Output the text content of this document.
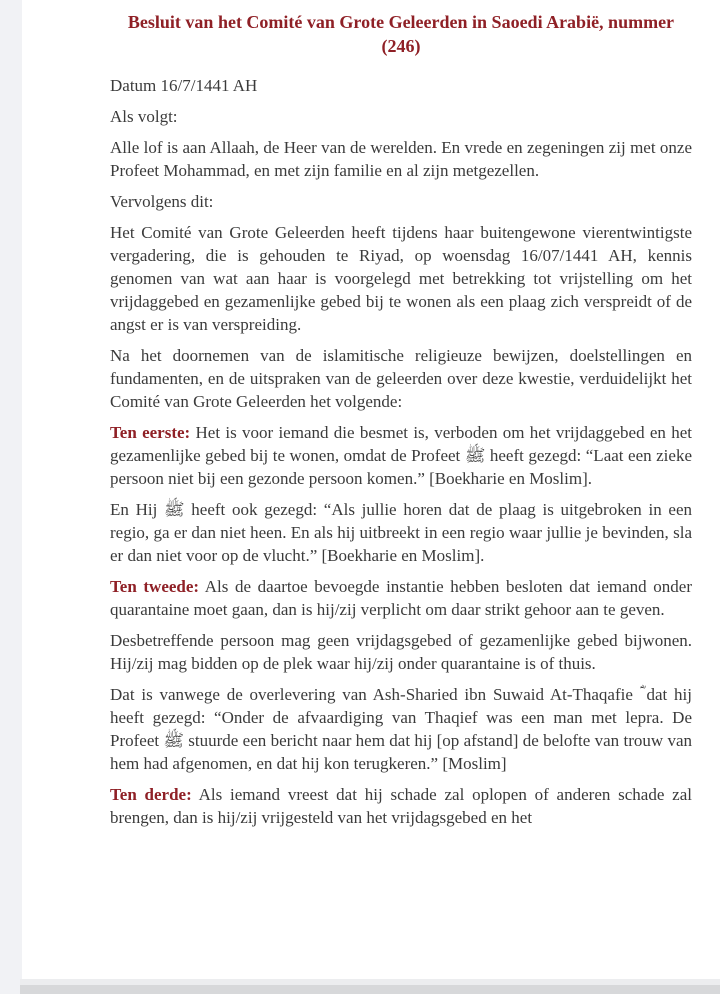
Besluit van het Comité van Grote Geleerden in Saoedi Arabië, nummer (246)

Datum 16/7/1441 AH

Als volgt:

Alle lof is aan Allaah, de Heer van de werelden. En vrede en zegeningen zij met onze Profeet Mohammad, en met zijn familie en al zijn metgezellen.

Vervolgens dit:

Het Comité van Grote Geleerden heeft tijdens haar buitengewone vierentwintigste vergadering, die is gehouden te Riyad, op woensdag 16/07/1441 AH, kennis genomen van wat aan haar is voorgelegd met betrekking tot vrijstelling om het vrijdaggebed en gezamenlijke gebed bij te wonen als een plaag zich verspreidt of de angst er is van verspreiding.

Na het doornemen van de islamitische religieuze bewijzen, doelstellingen en fundamenten, en de uitspraken van de geleerden over deze kwestie, verduidelijkt het Comité van Grote Geleerden het volgende:

Ten eerste: Het is voor iemand die besmet is, verboden om het vrijdaggebed en het gezamenlijke gebed bij te wonen, omdat de Profeet ﷺ heeft gezegd: “Laat een zieke persoon niet bij een gezonde persoon komen.” [Boekharie en Moslim].

En Hij ﷺ heeft ook gezegd: “Als jullie horen dat de plaag is uitgebroken in een regio, ga er dan niet heen. En als hij uitbreekt in een regio waar jullie je bevinden, sla er dan niet voor op de vlucht.” [Boekharie en Moslim].

Ten tweede: Als de daartoe bevoegde instantie hebben besloten dat iemand onder quarantaine moet gaan, dan is hij/zij verplicht om daar strikt gehoor aan te geven.

Desbetreffende persoon mag geen vrijdagsgebed of gezamenlijke gebed bijwonen. Hij/zij mag bidden op de plek waar hij/zij onder quarantaine is of thuis.

Dat is vanwege de overlevering van Ash-Sharied ibn Suwaid At-Thaqafie ؓ dat hij heeft gezegd: “Onder de afvaardiging van Thaqief was een man met lepra. De Profeet ﷺ stuurde een bericht naar hem dat hij [op afstand] de belofte van trouw van hem had afgenomen, en dat hij kon terugkeren.” [Moslim]

Ten derde: Als iemand vreest dat hij schade zal oplopen of anderen schade zal brengen, dan is hij/zij vrijgesteld van het vrijdagsgebed en het
